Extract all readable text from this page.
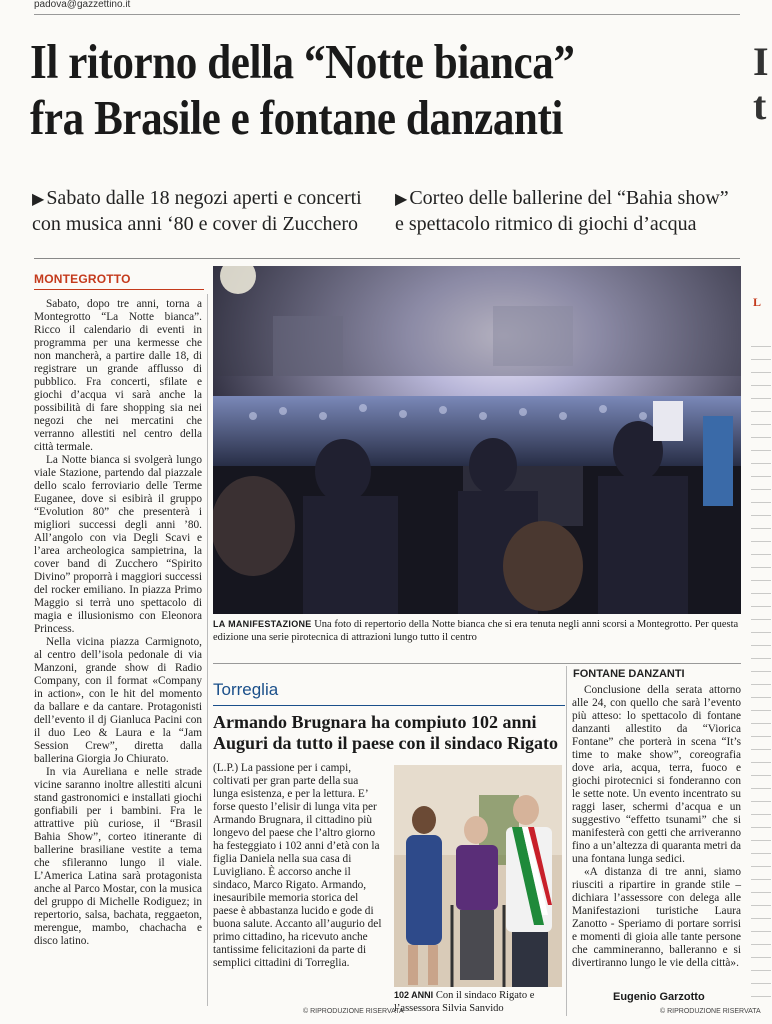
padova@gazzettino.it
Il ritorno della “Notte bianca”
fra Brasile e fontane danzanti
▶ Sabato dalle 18 negozi aperti e concerti con musica anni ‘80 e cover di Zucchero
▶ Corteo delle ballerine del “Bahia show” e spettacolo ritmico di giochi d’acqua
MONTEGROTTO

Sabato, dopo tre anni, torna a Montegrotto “La Notte bianca”. Ricco il calendario di eventi in programma per una kermesse che non mancherà, a partire dalle 18, di registrare un grande afflusso di pubblico. Fra concerti, sfilate e giochi d’acqua vi sarà anche la possibilità di fare shopping sia nei negozi che nei mercatini che verranno allestiti nel centro della città termale.

La Notte bianca si svolgerà lungo viale Stazione, partendo dal piazzale dello scalo ferroviario delle Terme Euganee, dove si esibirà il gruppo “Evolution 80” che presenterà i migliori successi degli anni ’80. All’angolo con via Degli Scavi e l’area archeologica sampietrina, la cover band di Zucchero “Spirito Divino” proporrà i maggiori successi del rocker emiliano. In piazza Primo Maggio si terrà uno spettacolo di magia e illusionismo con Eleonora Princess.

Nella vicina piazza Carmignoto, al centro dell’isola pedonale di via Manzoni, grande show di Radio Company, con il format «Company in action», con le hit del momento da ballare e da cantare. Protagonisti dell’evento il dj Gianluca Pacini con il duo Leo & Laura e la “Jam Session Crew”, diretta dalla ballerina Giorgia Jo Chiurato.

In via Aureliana e nelle strade vicine saranno inoltre allestiti alcuni stand gastronomici e installati giochi gonfiabili per i bambini. Fra le attrattive più curiose, il “Brasil Bahia Show”, corteo itinerante di ballerine brasiliane vestite a tema che sfileranno lungo il viale. L’America Latina sarà protagonista anche al Parco Mostar, con la musica del gruppo di Michelle Rodiguez; in repertorio, salsa, bachata, reggaeton, merengue, mambo, chachacha e disco latino.

LA MANIFESTAZIONE Una foto di repertorio della Notte bianca che si era tenuta negli anni scorsi a Montegrotto. Per questa edizione una serie pirotecnica di attrazioni lungo tutto il centro
Torreglia
Armando Brugnara ha compiuto 102 anni Auguri da tutto il paese con il sindaco Rigato
(L.P.) La passione per i campi, coltivati per gran parte della sua lunga esistenza, e per la lettura. E’ forse questo l’elisir di lunga vita per Armando Brugnara, il cittadino più longevo del paese che l’altro giorno ha festeggiato i 102 anni d’età con la figlia Daniela nella sua casa di Luvigliano. È accorso anche il sindaco, Marco Rigato. Armando, inesauribile memoria storica del paese è abbastanza lucido e gode di buona salute. Accanto all’augurio del primo cittadino, ha ricevuto anche tantissime felicitazioni da parte di semplici cittadini di Torreglia.
© RIPRODUZIONE RISERVATA
102 ANNI Con il sindaco Rigato e l’assessora Silvia Sanvido
FONTANE DANZANTI

Conclusione della serata attorno alle 24, con quello che sarà l’evento più atteso: lo spettacolo di fontane danzanti allestito da “Viorica Fontane” che porterà in scena “It’s time to make show”, coreografia dove aria, acqua, terra, fuoco e giochi pirotecnici si fonderanno con le sette note. Un evento incentrato su raggi laser, schermi d’acqua e un suggestivo “effetto tsunami” che si manifesterà con getti che arriveranno fino a un’altezza di quaranta metri da una fontana lunga sedici.

«A distanza di tre anni, siamo riusciti a ripartire in grande stile – dichiara l’assessore con delega alle Manifestazioni turistiche Laura Zanotto - Speriamo di portare sorrisi e momenti di gioia alle tante persone che cammineranno, balleranno e si divertiranno lungo le vie della città».

Eugenio Garzotto
© RIPRODUZIONE RISERVATA
I
t
L
